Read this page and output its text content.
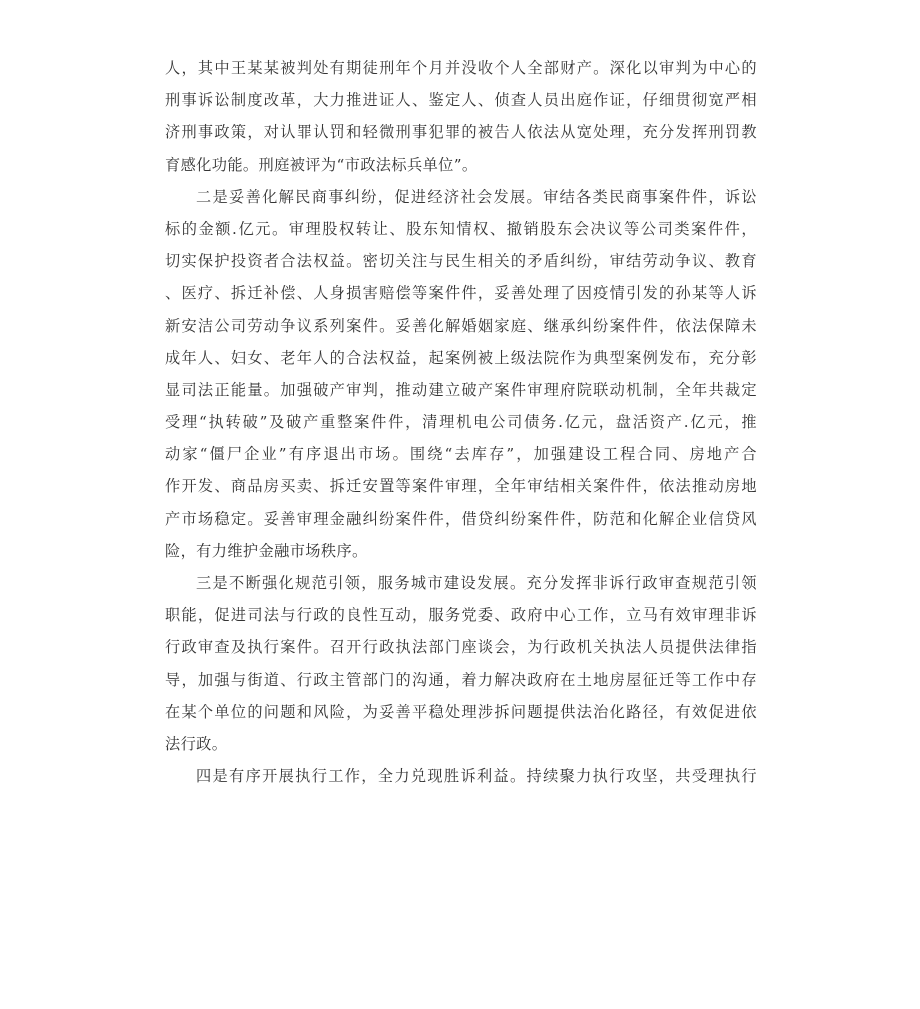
人，其中王某某被判处有期徒刑年个月并没收个人全部财产。深化以审判为中心的
刑事诉讼制度改革，大力推进证人、鉴定人、侦查人员出庭作证，仔细贯彻宽严相
济刑事政策，对认罪认罚和轻微刑事犯罪的被告人依法从宽处理，充分发挥刑罚教
育感化功能。刑庭被评为“市政法标兵单位”。
二是妥善化解民商事纠纷，促进经济社会发展。审结各类民商事案件件，诉讼
标的金额.亿元。审理股权转让、股东知情权、撤销股东会决议等公司类案件件，
切实保护投资者合法权益。密切关注与民生相关的矛盾纠纷，审结劳动争议、教育
、医疗、拆迁补偿、人身损害赔偿等案件件，妥善处理了因疫情引发的孙某等人诉
新安洁公司劳动争议系列案件。妥善化解婚姻家庭、继承纠纷案件件，依法保障未
成年人、妇女、老年人的合法权益，起案例被上级法院作为典型案例发布，充分彰
显司法正能量。加强破产审判，推动建立破产案件审理府院联动机制，全年共裁定
受理“执转破”及破产重整案件件，清理机电公司债务.亿元，盘活资产.亿元，推
动家“僵尸企业”有序退出市场。围绕“去库存”，加强建设工程合同、房地产合
作开发、商品房买卖、拆迁安置等案件审理，全年审结相关案件件，依法推动房地
产市场稳定。妥善审理金融纠纷案件件，借贷纠纷案件件，防范和化解企业信贷风
险，有力维护金融市场秩序。
三是不断强化规范引领，服务城市建设发展。充分发挥非诉行政审查规范引领
职能，促进司法与行政的良性互动，服务党委、政府中心工作，立马有效审理非诉
行政审查及执行案件。召开行政执法部门座谈会，为行政机关执法人员提供法律指
导，加强与街道、行政主管部门的沟通，着力解决政府在土地房屋征迁等工作中存
在某个单位的问题和风险，为妥善平稳处理涉拆问题提供法治化路径，有效促进依
法行政。
四是有序开展执行工作，全力兑现胜诉利益。持续聚力执行攻坚，共受理执行
